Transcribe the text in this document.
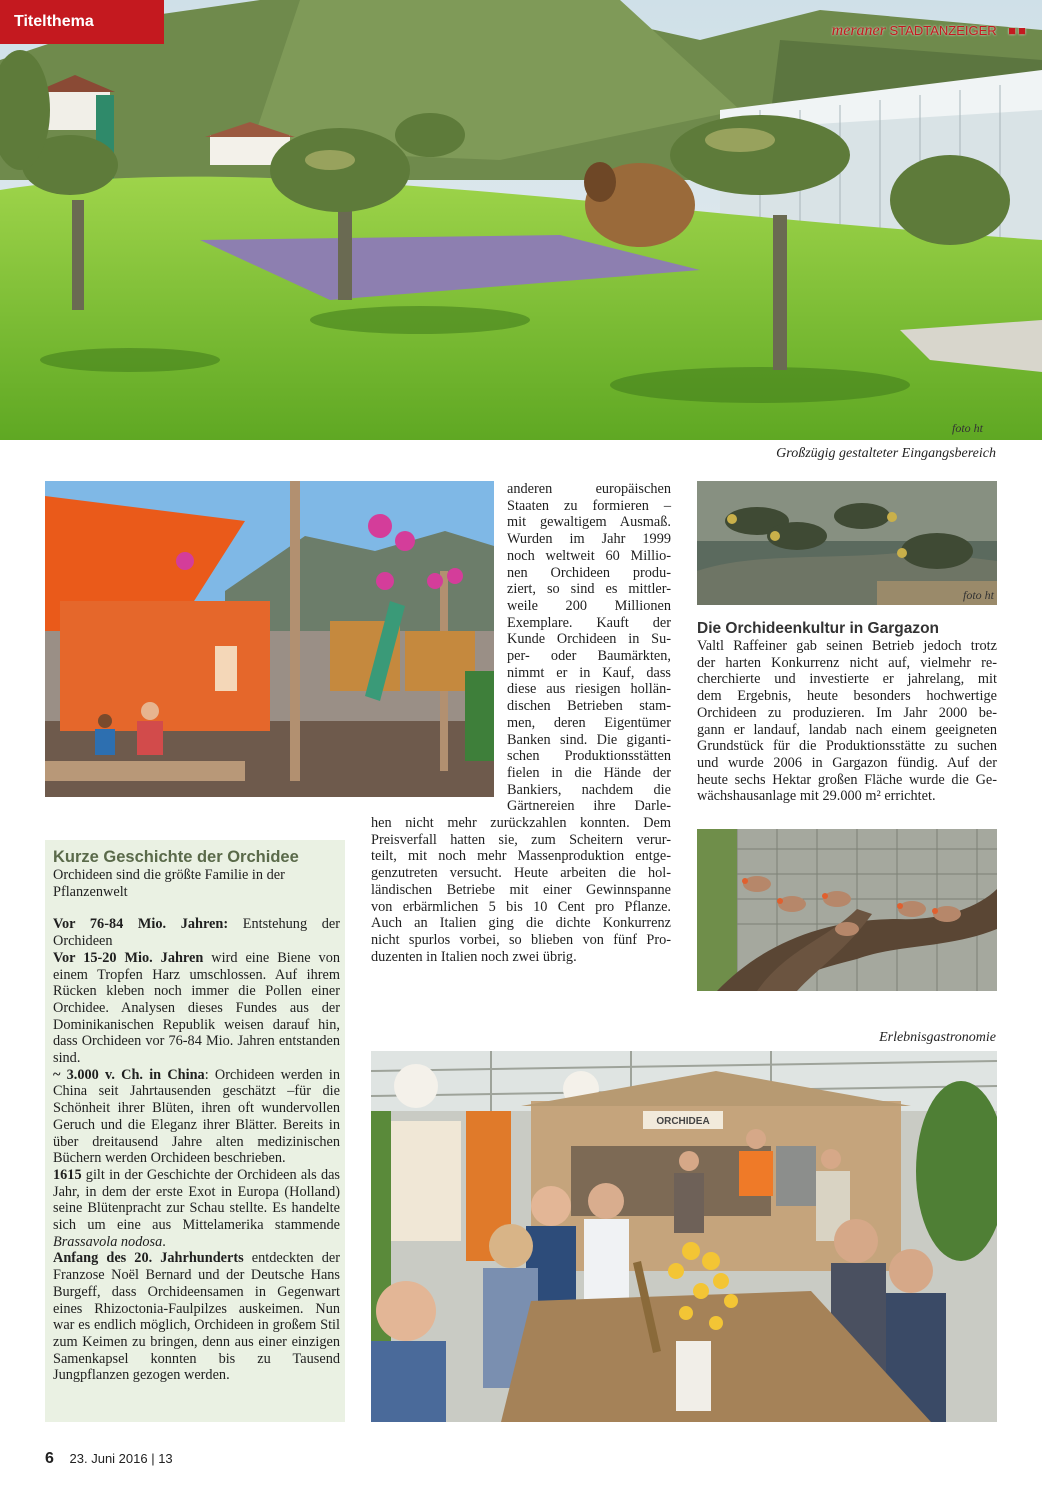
Titelthema
meraner STADTANZEIGER ■■
foto ht
Großzügig gestalteter Eingangsbereich
anderen europäischen
Staaten zu formieren –
mit gewaltigem Ausmaß.
Wurden im Jahr 1999
noch weltweit 60 Millio-
nen Orchideen produ-
ziert, so sind es mittler-
weile 200 Millionen
Exemplare. Kauft der
Kunde Orchideen in Su-
per- oder Baumärkten,
nimmt er in Kauf, dass
diese aus riesigen hollän-
dischen Betrieben stam-
men, deren Eigentümer
Banken sind. Die giganti-
schen Produktionsstätten
fielen in die Hände der
Bankiers, nachdem die
Gärtnereien ihre Darle-
hen nicht mehr zurückzahlen konnten. Dem
Preisverfall hatten sie, zum Scheitern verur-
teilt, mit noch mehr Massenproduktion entge-
genzutreten versucht. Heute arbeiten die hol-
ländischen Betriebe mit einer Gewinnspanne
von erbärmlichen 5 bis 10 Cent pro Pflanze.
Auch an Italien ging die dichte Konkurrenz
nicht spurlos vorbei, so blieben von fünf Pro-
duzenten in Italien noch zwei übrig.
foto ht
Die Orchideenkultur in Gargazon
Valtl Raffeiner gab seinen Betrieb jedoch trotz
der harten Konkurrenz nicht auf, vielmehr re-
cherchierte und investierte er jahrelang, mit
dem Ergebnis, heute besonders hochwertige
Orchideen zu produzieren. Im Jahr 2000 be-
gann er landauf, landab nach einem geeigneten
Grundstück für die Produktionsstätte zu suchen
und wurde 2006 in Gargazon fündig. Auf der
heute sechs Hektar großen Fläche wurde die Ge-
wächshausanlage mit 29.000 m² errichtet.
Kurze Geschichte der Orchidee
Orchideen sind die größte Familie in der Pflanzenwelt

Vor 76-84 Mio. Jahren: Entstehung der Orchideen

Vor 15-20 Mio. Jahren wird eine Biene von einem Tropfen Harz umschlossen. Auf ihrem Rücken kleben noch immer die Pollen einer Orchidee. Analysen dieses Fundes aus der Dominikanischen Republik weisen darauf hin, dass Orchideen vor 76-84 Mio. Jahren entstanden sind.

~ 3.000 v. Ch. in China: Orchideen werden in China seit Jahrtausenden geschätzt –für die Schönheit ihrer Blüten, ihren oft wundervollen Geruch und die Eleganz ihrer Blätter. Bereits in über dreitausend Jahre alten medizinischen Büchern werden Orchideen beschrieben.

1615 gilt in der Geschichte der Orchideen als das Jahr, in dem der erste Exot in Europa (Holland) seine Blütenpracht zur Schau stellte. Es handelte sich um eine aus Mittelamerika stammende Brassavola nodosa.

Anfang des 20. Jahrhunderts entdeckten der Franzose Noël Bernard und der Deutsche Hans Burgeff, dass Orchideensamen in Gegenwart eines Rhizoctonia-Faulpilzes auskeimen. Nun war es endlich möglich, Orchideen in großem Stil zum Keimen zu bringen, denn aus einer einzigen Samenkapsel konnten bis zu Tausend Jungpflanzen gezogen werden.

Erlebnisgastronomie
ORCHIDEA
6 23. Juni 2016 | 13
